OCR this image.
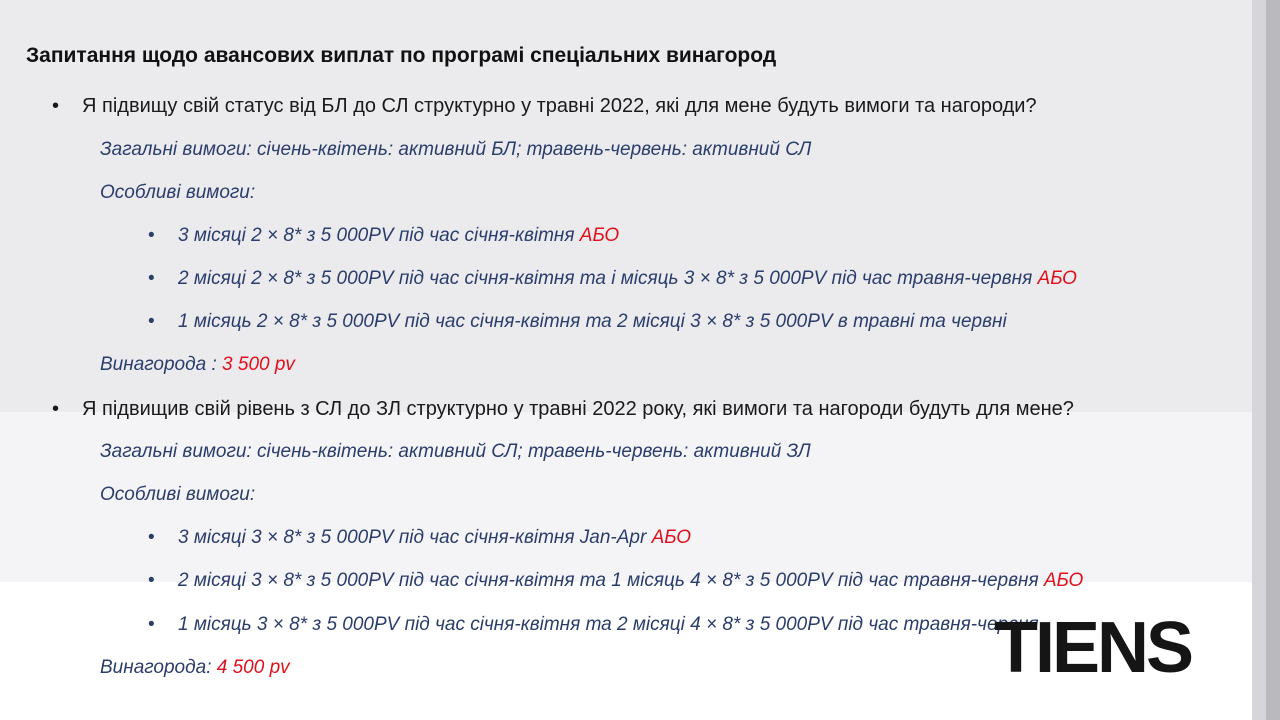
Запитання щодо авансових виплат по програмі спеціальних винагород
• Я підвищу свій статус від БЛ до СЛ структурно у травні 2022, які для мене будуть вимоги та нагороди?
Загальні вимоги: січень-квітень: активний БЛ; травень-червень: активний СЛ
Особливі вимоги:
• 3 місяці 2 × 8* з 5 000PV під час січня-квітня АБО
• 2 місяці 2 × 8* з 5 000PV під час січня-квітня та і місяць 3 × 8* з 5 000PV під час травня-червня АБО
• 1 місяць 2 × 8* з 5 000PV під час січня-квітня та 2 місяці 3 × 8* з 5 000PV в травні та червні
Винагорода : 3 500 pv
• Я підвищив свій рівень з СЛ до ЗЛ структурно у травні 2022 року, які вимоги та нагороди будуть для мене?
Загальні вимоги: січень-квітень: активний СЛ; травень-червень: активний ЗЛ
Особливі вимоги:
• 3 місяці 3 × 8* з 5 000PV під час січня-квітня Jan-Apr АБО
• 2 місяці 3 × 8* з 5 000PV під час січня-квітня та 1 місяць 4 × 8* з 5 000PV під час травня-червня АБО
• 1 місяць 3 × 8* з 5 000PV під час січня-квітня та 2 місяці 4 × 8* з 5 000PV під час травня-червня
Винагорода: 4 500 pv	TIENS
